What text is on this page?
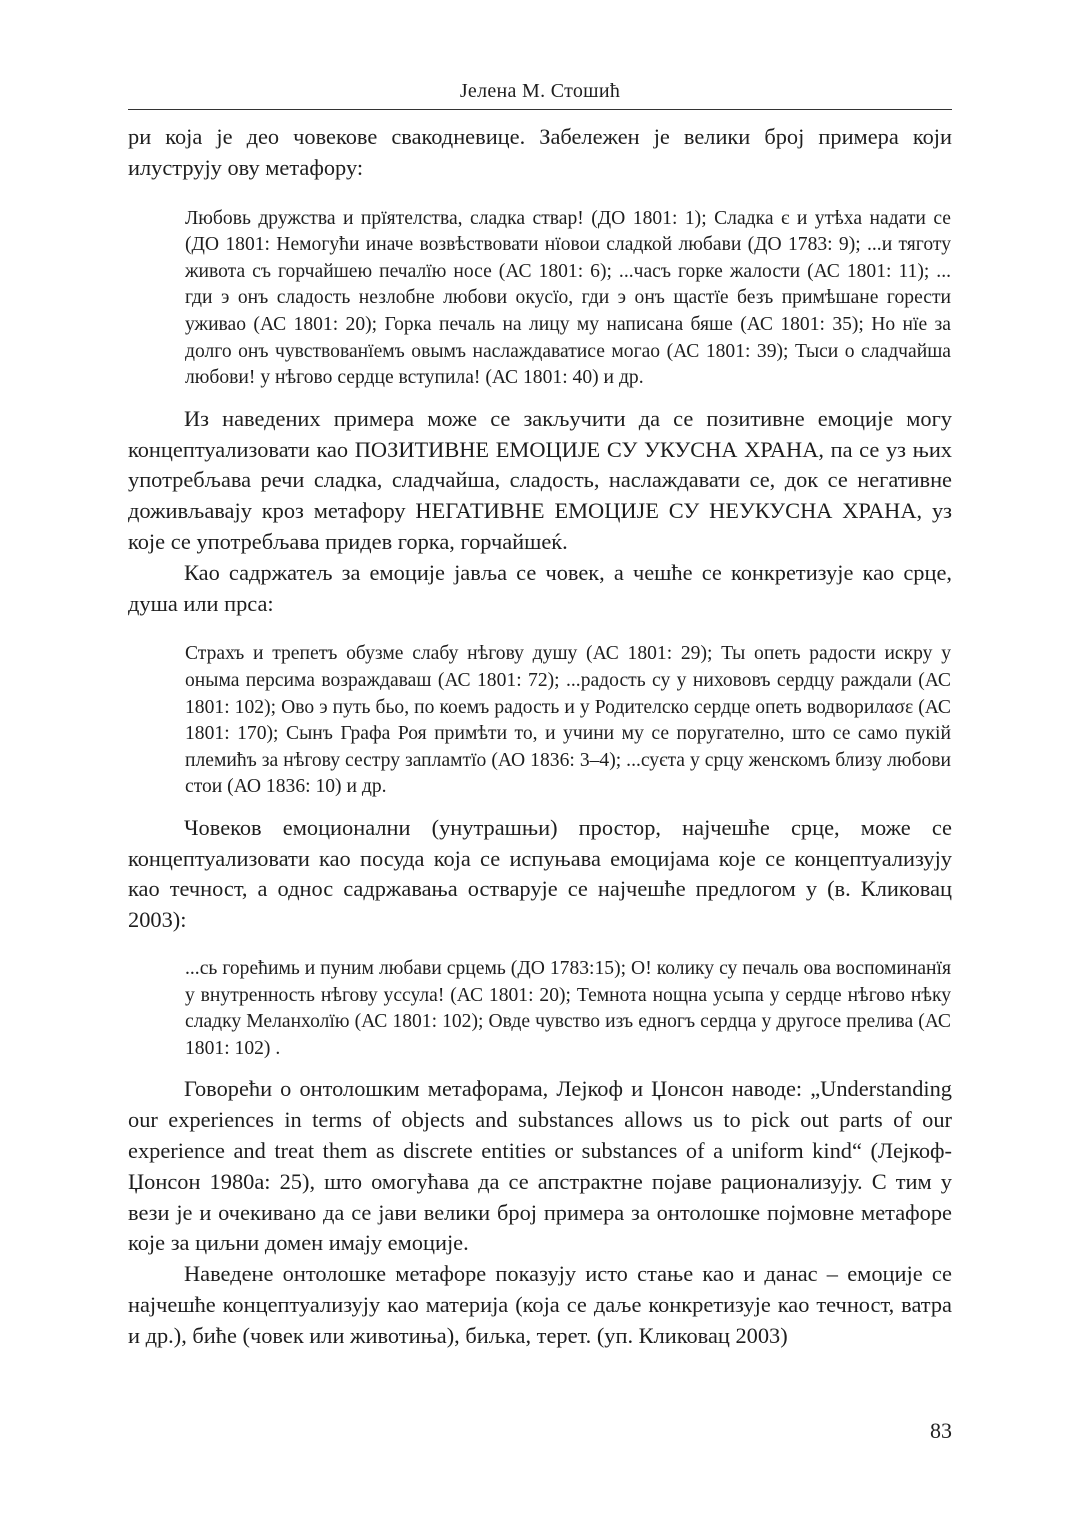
Јелена М. Стошић

ри која је део човекове свакодневице. Забележен је велики број примера који илуструју ову метафору:

Любовь дружства и прїятелства, сладка ствар! (ДО 1801: 1); Сладка є и утѣха надати се (ДО 1801: Немогући иначе возвѣствовати нїовои сладкой любави (ДО 1783: 9); ...и тяготу живота съ горчайшею печалїю носе (АС 1801: 6); ...часъ горке жалости (АС 1801: 11); ... гди э онъ сладость незлобне любови окусїо, гди э онъ щастїе безъ примѣшане горести уживао (АС 1801: 20); Горка печаль на лицу му написана бяше (АС 1801: 35); Но нїе за долго онъ чувствованїемъ овымъ наслаждаватисе могао (АС 1801: 39); Тыси о сладчайша любови! у нѣгово сердце вступила! (АС 1801: 40) и др.

Из наведених примера може се закључити да се позитивне емоције могу концептуализовати као ПОЗИТИВНЕ ЕМОЦИЈЕ СУ УКУСНА ХРАНА, па се уз њих употребљава речи сладка, сладчайша, сладость, наслаждавати се, док се негативне доживљавају кроз метафору НЕГАТИВНЕ ЕМОЦИЈЕ СУ НЕУКУСНА ХРАНА, уз које се употребљава придев горка, горчайшеќ.

Као садржатељ за емоције јавља се човек, а чешће се конкретизује као срце, душа или прса:

Страхъ и трепетъ обузме слабу нѣгову душу (АС 1801: 29); Ты опеть радости искру у оныма персима возраждаваш (АС 1801: 72); ...радость су у нихововъ сердцу раждали (АС 1801: 102); Ово э путь бьо, по коемъ радость и у Родителско сердце опеть водворилασε (АС 1801: 170); Сынъ Графа Роя примѣти то, и учини му се поругателно, што се само пукій племићъ за нѣгову сестру запламтїо (АО 1836: 3–4); ...суєта у срцу женскомъ близу любови стои (АО 1836: 10) и др.

Човеков емоционални (унутрашњи) простор, најчешће срце, може се концептуализовати као посуда која се испуњава емоцијама које се концептуализују као течност, а однос садржавања остварује се најчешће предлогом у (в. Кликовац 2003):

...сь горећимь и пуним любави срцемь (ДО 1783:15); О! колику су печаль ова воспоминанїя у внутренность нѣгову уссула! (АС 1801: 20); Темнота нощна усыпа у сердце нѣгово нѣку сладку Меланхолїю (АС 1801: 102); Овде чувство изъ едногъ сердца у другосе прелива (АС 1801: 102) .

Говорећи о онтолошким метафорама, Лејкоф и Џонсон наводе: „Understanding our experiences in terms of objects and substances allows us to pick out parts of our experience and treat them as discrete entities or substances of a uniform kind“ (Лејкоф-Џонсон 1980а: 25), што омогућава да се апстрактне појаве рационализују. С тим у вези је и очекивано да се јави велики број примера за онтолошке појмовне метафоре које за циљни домен имају емоције.

Наведене онтолошке метафоре показују исто стање као и данас – емоције се најчешће концептуализују као материја (која се даље конкретизује као течност, ватра и др.), биће (човек или животиња), биљка, терет. (уп. Кликовац 2003)

83
